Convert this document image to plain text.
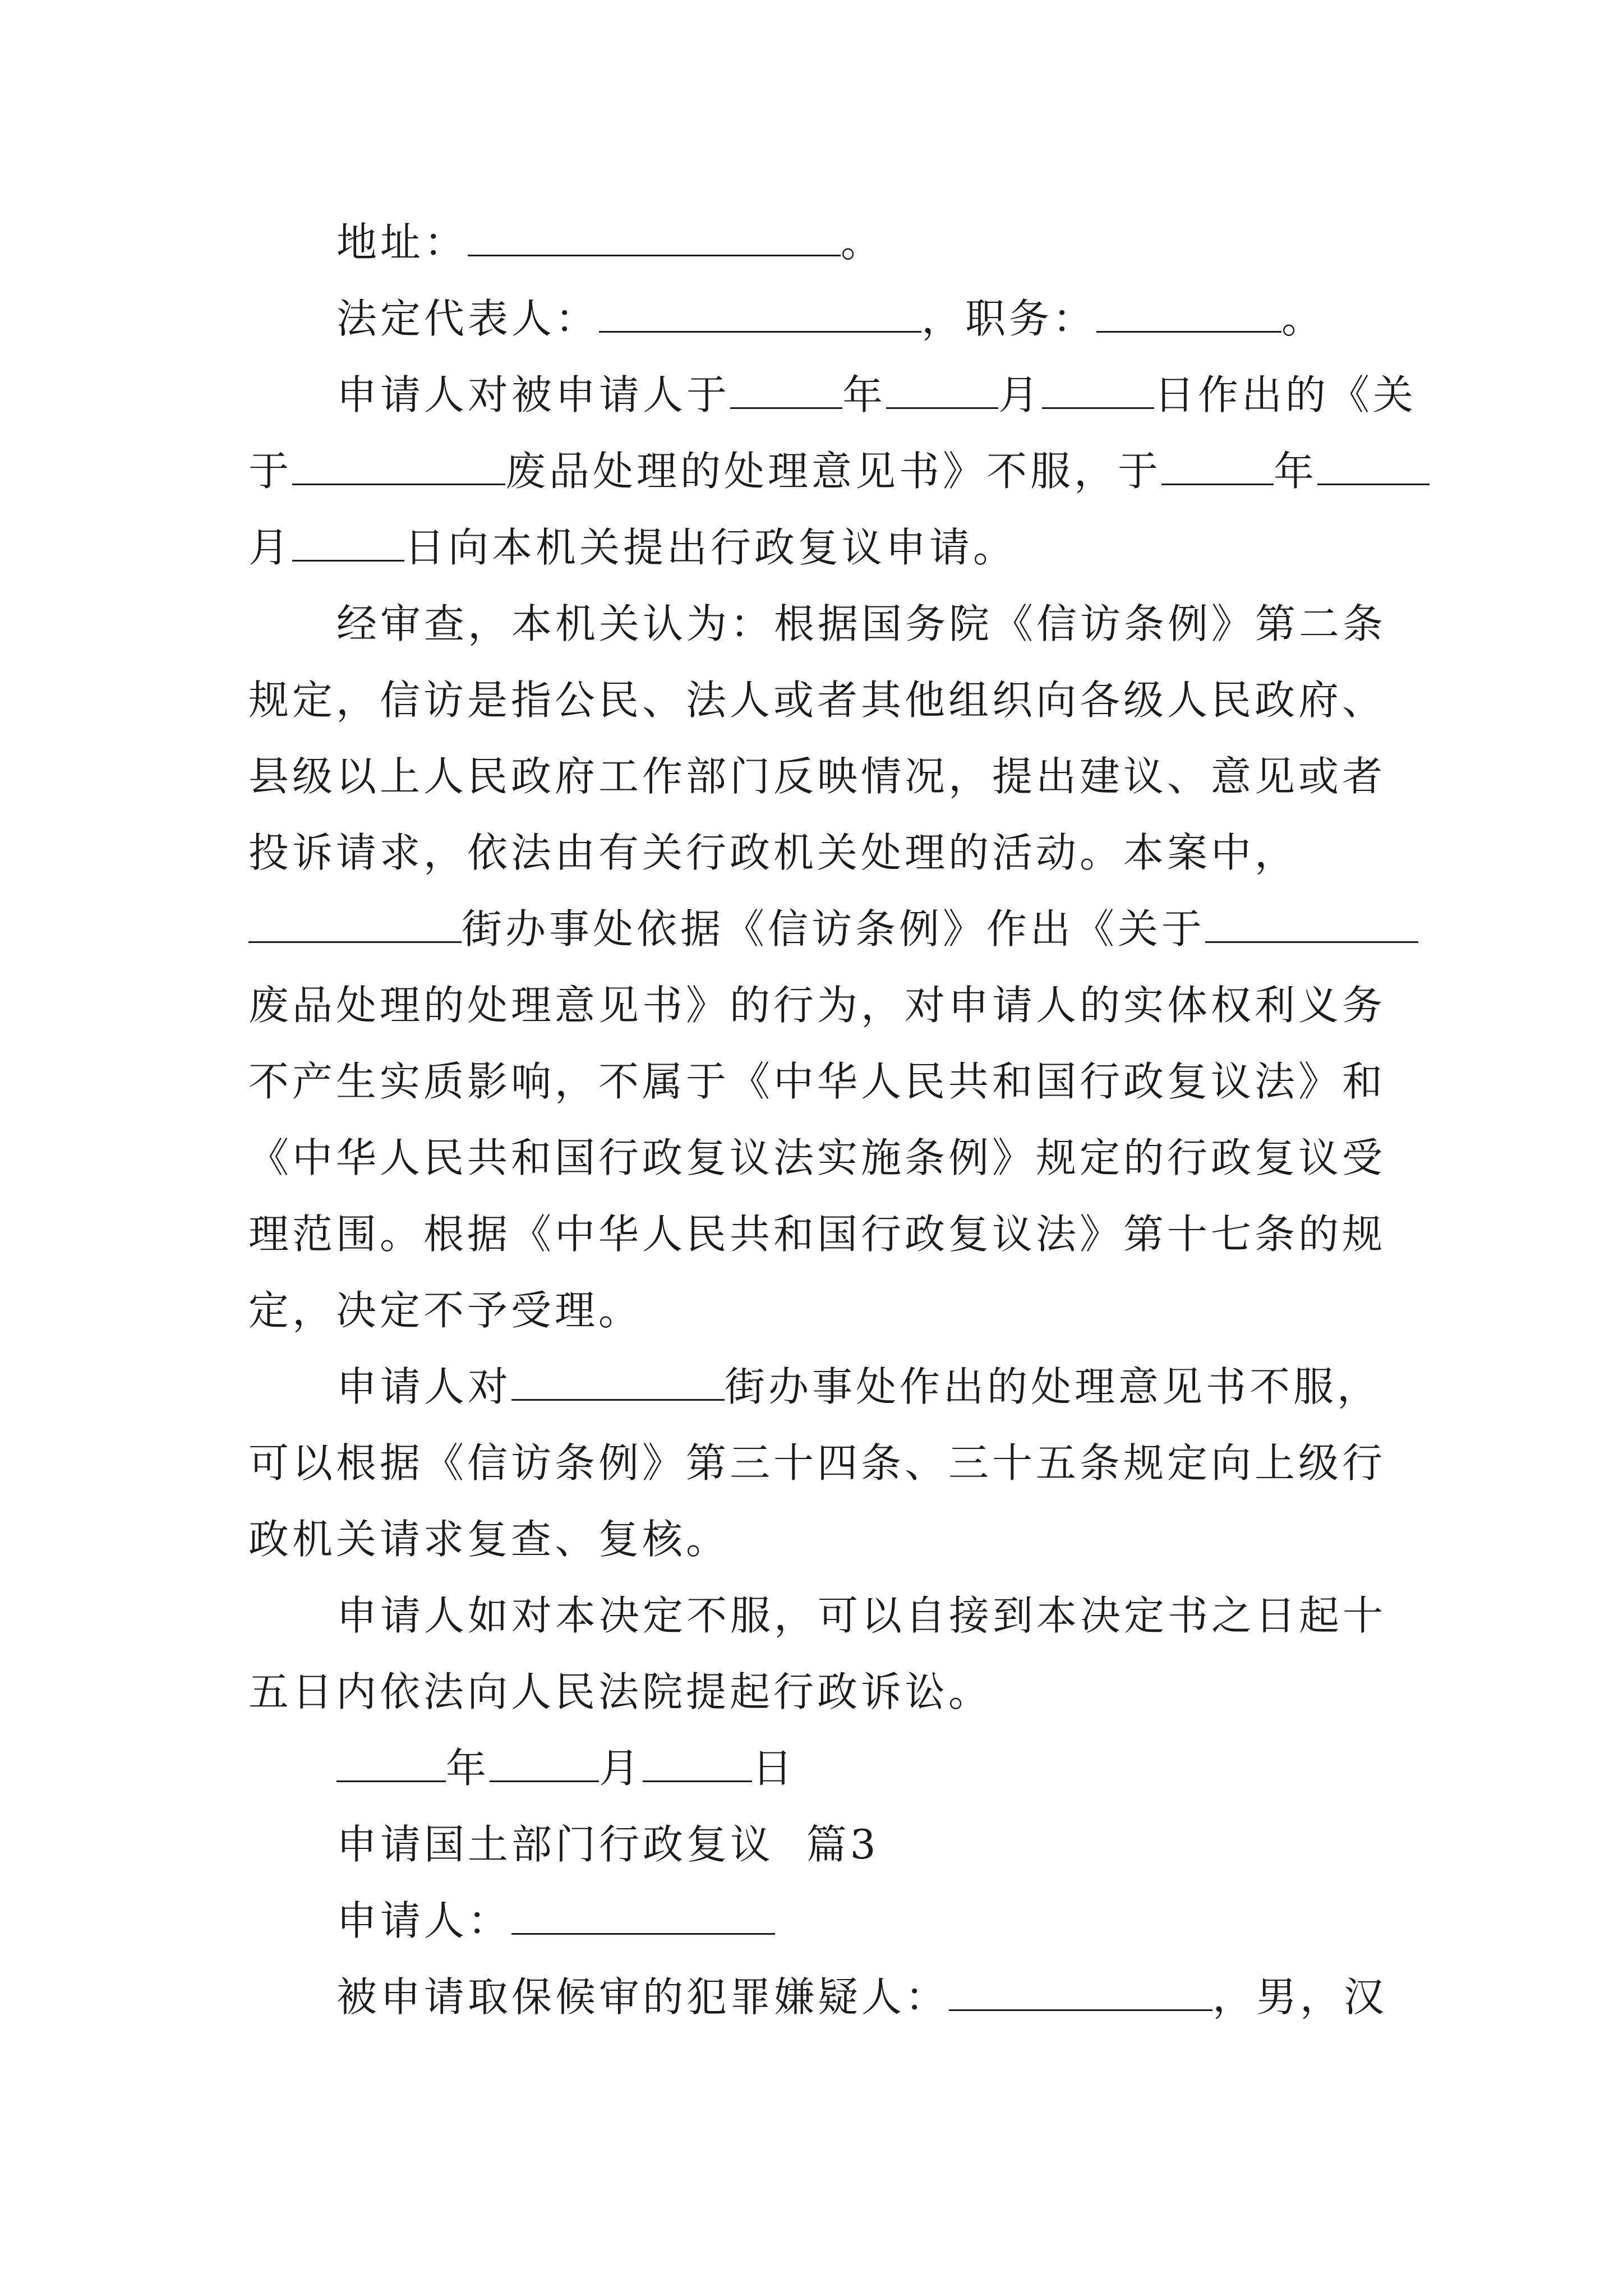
地址：	。
法定代表人：	，职务：	。
申请人对被申请人于	年	月	日作出的《关
于	废品处理的处理意见书》不服，于	年
月	日向本机关提出行政复议申请。
经审查，本机关认为：根据国务院《信访条例》第二条
规定，信访是指公民、法人或者其他组织向各级人民政府、
县级以上人民政府工作部门反映情况，提出建议、意见或者
投诉请求，依法由有关行政机关处理的活动。本案中，
街办事处依据《信访条例》作出《关于
废品处理的处理意见书》的行为，对申请人的实体权利义务
不产生实质影响，不属于《中华人民共和国行政复议法》和
《中华人民共和国行政复议法实施条例》规定的行政复议受
理范围。根据《中华人民共和国行政复议法》第十七条的规
定，决定不予受理。
申请人对	街办事处作出的处理意见书不服，
可以根据《信访条例》第三十四条、三十五条规定向上级行
政机关请求复查、复核。
申请人如对本决定不服，可以自接到本决定书之日起十
五日内依法向人民法院提起行政诉讼。
年	月	日
申请国土部门行政复议  篇3
申请人：
被申请取保候审的犯罪嫌疑人：	，男，汉
